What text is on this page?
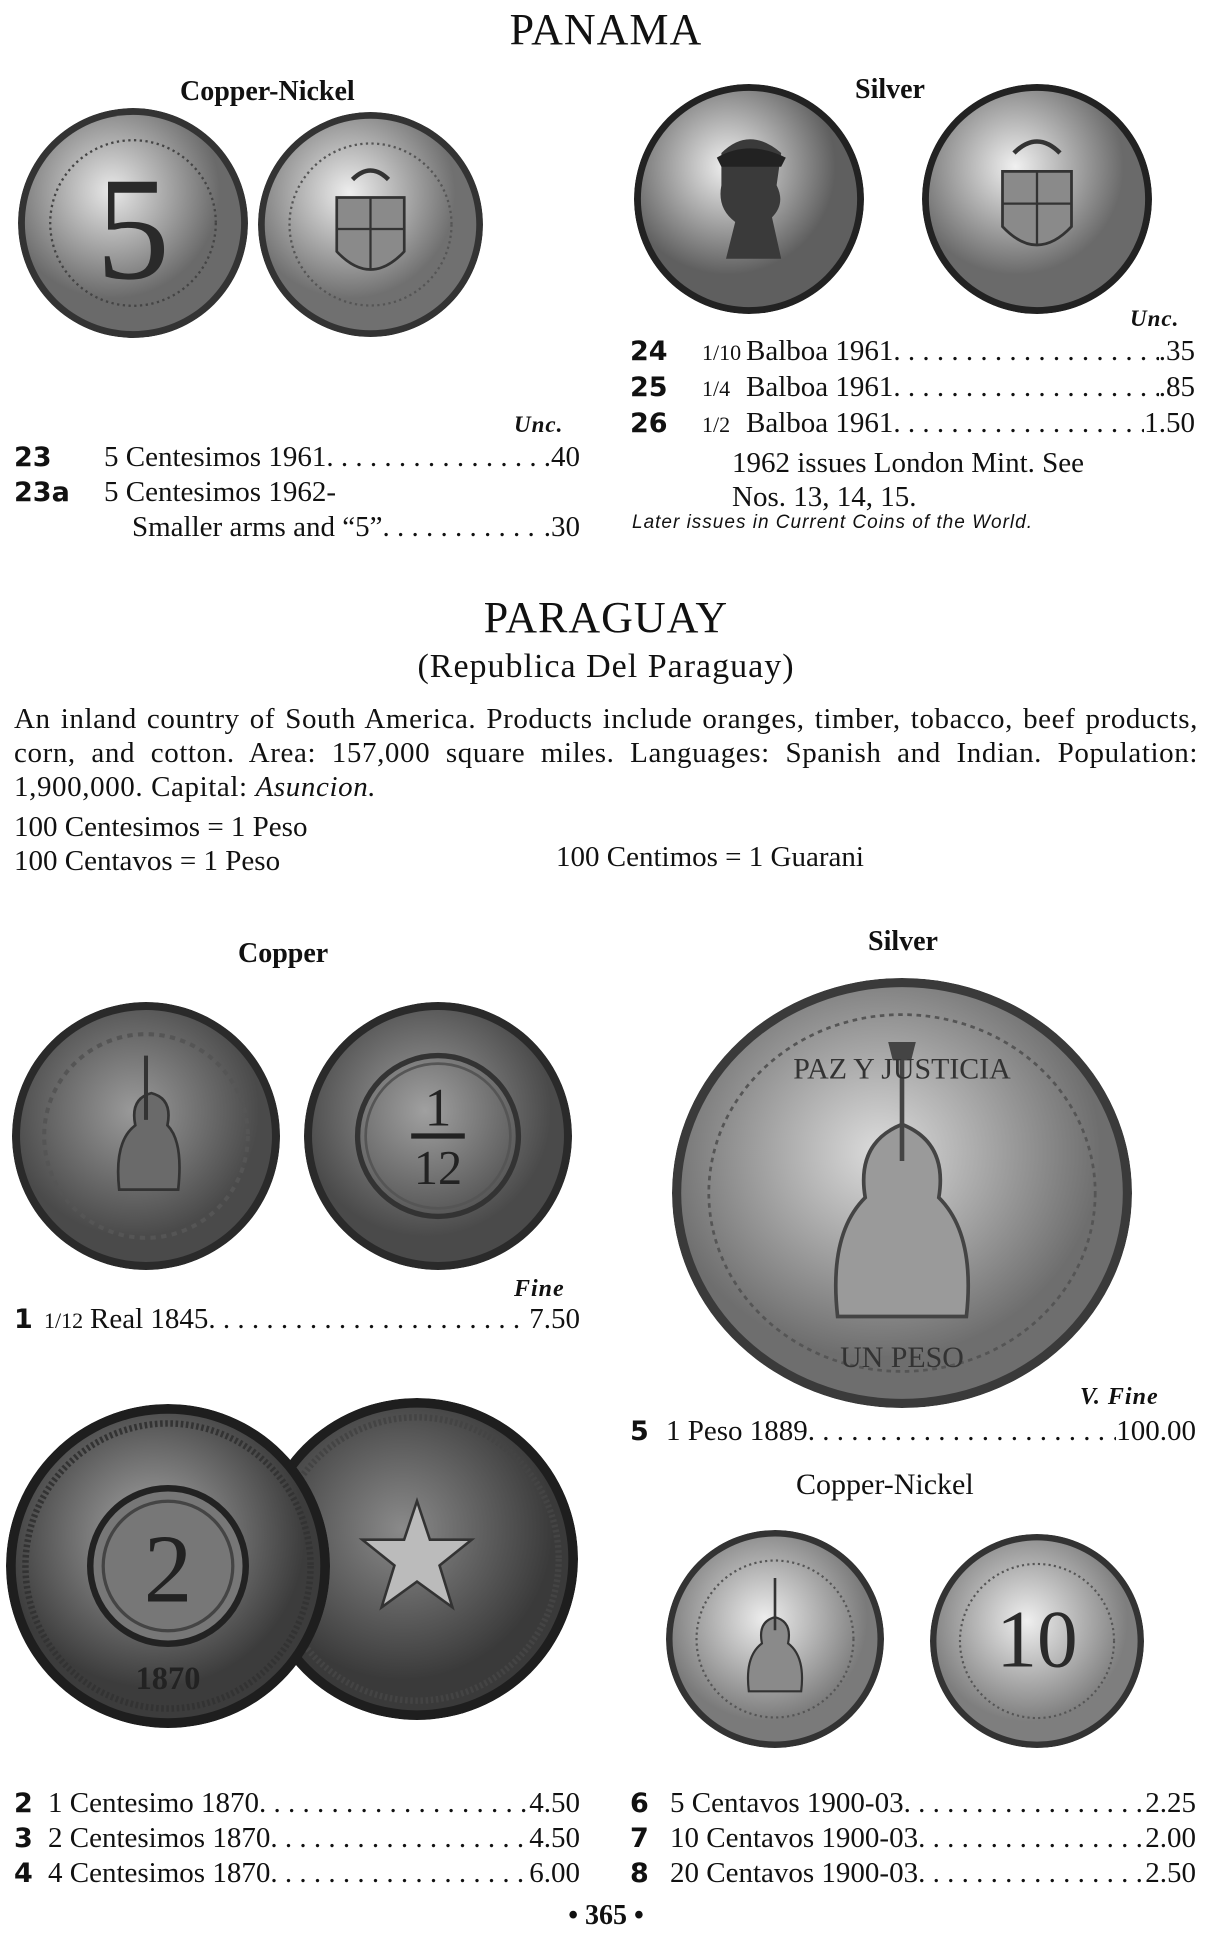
PANAMA
Copper-Nickel	Silver
5
Unc.
23	5 Centesimos 1961 . . .	.40
23a	5 Centesimos 1962-
Smaller arms and “5” . . .	.30
Unc.
24	1/10 Balboa 1961 . . .	.35
25	1/4 Balboa 1961 . . .	.85
26	1/2 Balboa 1961 . . .	1.50
1962 issues London Mint. See
Nos. 13, 14, 15.
Later issues in Current Coins of the World.
PARAGUAY
(Republica Del Paraguay)
An inland country of South America. Products include oranges, timber, tobacco, beef products, corn, and cotton. Area: 157,000 square miles. Languages: Spanish and Indian. Population: 1,900,000. Capital: Asuncion.
100 Centesimos = 1 Peso
100 Centavos = 1 Peso	100 Centimos = 1 Guarani
Copper	Silver
1
12
Fine
1 1/12 Real 1845 . . .	7.50
PAZ Y JUSTICIA
UN PESO
V. Fine
5 1 Peso 1889 . . .	100.00
Copper-Nickel
2
1870	10
2 1 Centesimo 1870 . . .	4.50
3 2 Centesimos 1870 . . .	4.50
4 4 Centesimos 1870 . . .	6.00
6 5 Centavos 1900-03 . . .	2.25
7 10 Centavos 1900-03 . . .	2.00
8 20 Centavos 1900-03 . . .	2.50
• 365 •
